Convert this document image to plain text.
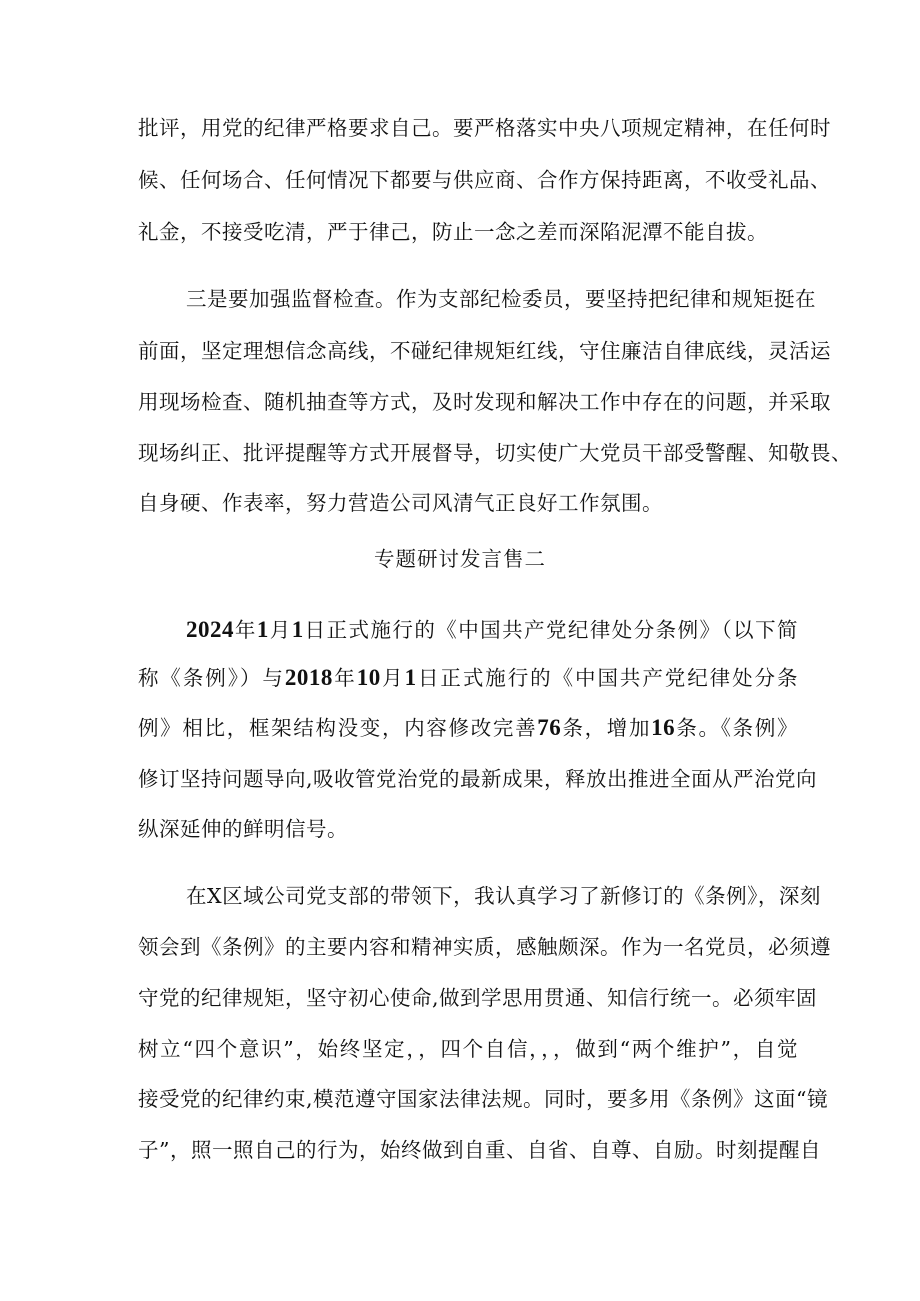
批评，用党的纪律严格要求自己。要严格落实中央八项规定精神，在任何时
候、任何场合、任何情况下都要与供应商、合作方保持距离，不收受礼品、
礼金，不接受吃清，严于律己，防止一念之差而深陷泥潭不能自拔。
三是要加强监督检查。作为支部纪检委员，要坚持把纪律和规矩挺在
前面，坚定理想信念高线，不碰纪律规矩红线，守住廉洁自律底线，灵活运
用现场检查、随机抽查等方式，及时发现和解决工作中存在的问题，并采取
现场纠正、批评提醒等方式开展督导，切实使广大党员干部受警醒、知敬畏、
自身硬、作表率，努力营造公司风清气正良好工作氛围。
专题研讨发言售二
2024年1月1日正式施行的《中国共产党纪律处分条例》（以下简
称《条例》）与2018年10月1日正式施行的《中国共产党纪律处分条
例》相比，框架结构没变，内容修改完善76条，增加16条。《条例》
修订坚持问题导向,吸收管党治党的最新成果，释放出推进全面从严治党向
纵深延伸的鲜明信号。
在X区域公司党支部的带领下，我认真学习了新修订的《条例》，深刻
领会到《条例》的主要内容和精神实质，感触颇深。作为一名党员，必须遵
守党的纪律规矩，坚守初心使命,做到学思用贯通、知信行统一。必须牢固
树立“四个意识”，始终坚定，，四个自信，，，做到“两个维护”，自觉
接受党的纪律约束,模范遵守国家法律法规。同时，要多用《条例》这面“镜
子”，照一照自己的行为，始终做到自重、自省、自尊、自励。时刻提醒自
